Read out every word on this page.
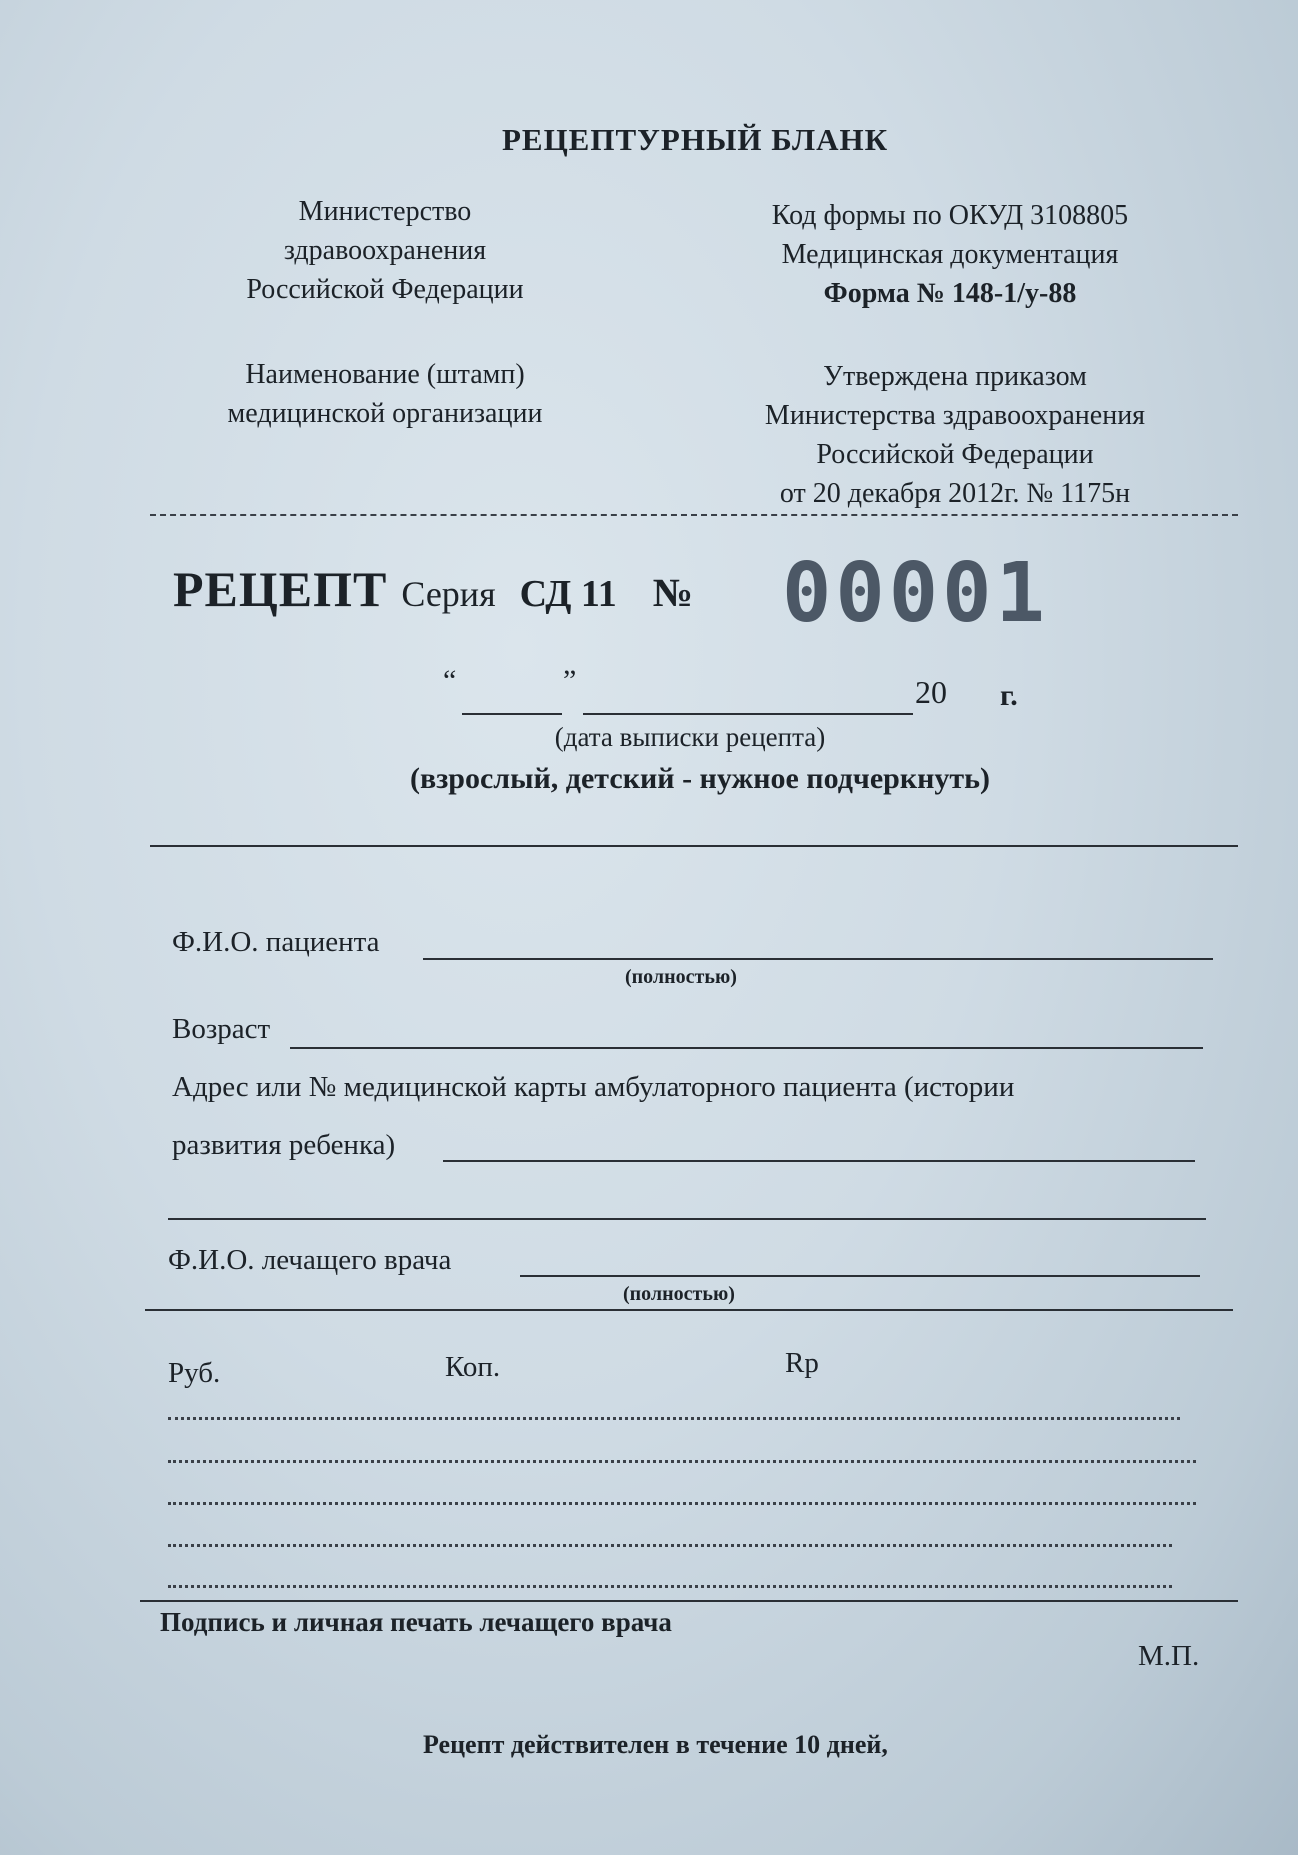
РЕЦЕПТУРНЫЙ БЛАНК
Министерство
здравоохранения
Российской Федерации
Код формы по ОКУД 3108805
Медицинская документация
Форма № 148-1/у-88
Наименование (штамп)
медицинской организации
Утверждена приказом
Министерства здравоохранения
Российской Федерации
от 20 декабря 2012г. № 1175н
РЕЦЕПТ Серия СД 11 № 00001
“	”	20 г.
(дата выписки рецепта)
(взрослый, детский - нужное подчеркнуть)
Ф.И.О. пациента
(полностью)
Возраст
Адрес или № медицинской карты амбулаторного пациента (истории
развития ребенка)
Ф.И.О. лечащего врача
(полностью)
Руб.	Коп.	Rp
Подпись и личная печать лечащего врача
М.П.
Рецепт действителен в течение 10 дней,
